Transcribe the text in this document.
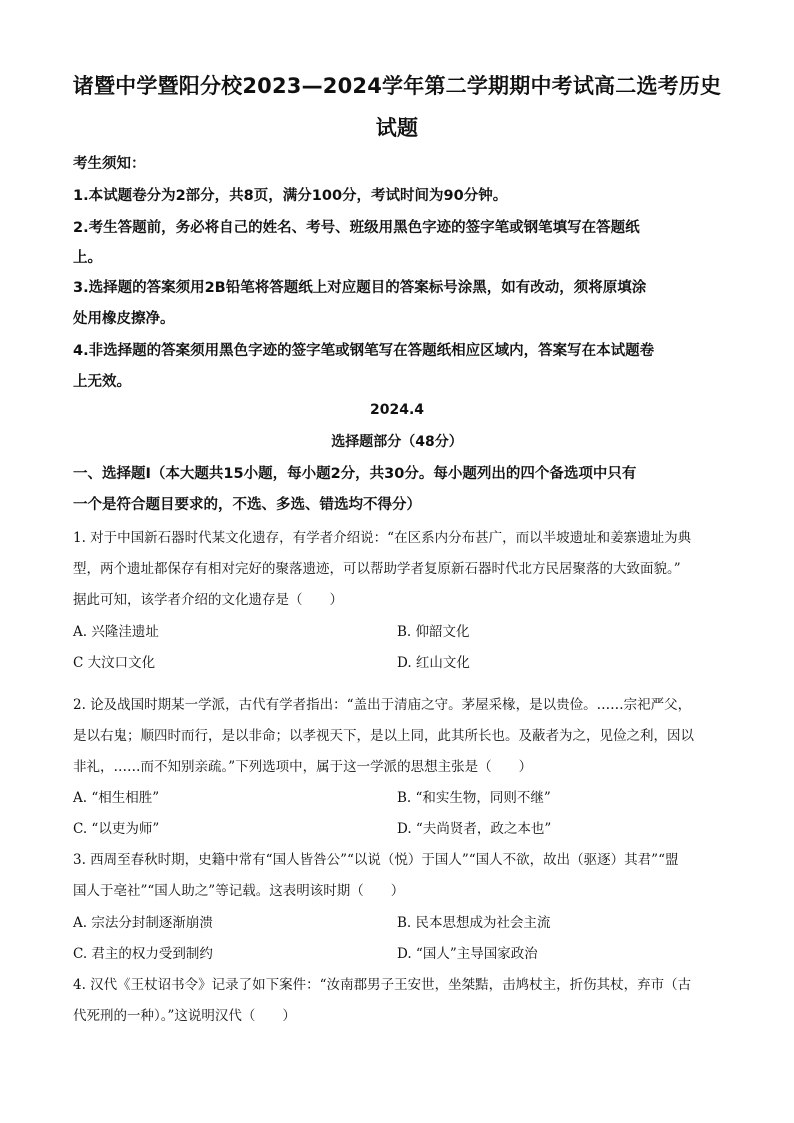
诸暨中学暨阳分校2023—2024学年第二学期期中考试高二选考历史
试题
考生须知：
1.本试题卷分为2部分，共8页，满分100分，考试时间为90分钟。
2.考生答题前，务必将自己的姓名、考号、班级用黑色字迹的签字笔或钢笔填写在答题纸
上。
3.选择题的答案须用2B铅笔将答题纸上对应题目的答案标号涂黑，如有改动，须将原填涂
处用橡皮擦净。
4.非选择题的答案须用黑色字迹的签字笔或钢笔写在答题纸相应区域内，答案写在本试题卷
上无效。
2024.4
选择题部分（48分）
一、选择题Ⅰ（本大题共15小题，每小题2分，共30分。每小题列出的四个备选项中只有
一个是符合题目要求的，不选、多选、错选均不得分）
1. 对于中国新石器时代某文化遗存，有学者介绍说：“在区系内分布甚广，而以半坡遗址和姜寨遗址为典
型，两个遗址都保存有相对完好的聚落遗迹，可以帮助学者复原新石器时代北方民居聚落的大致面貌。”
据此可知，该学者介绍的文化遗存是（　　）
A. 兴隆洼遗址	B. 仰韶文化
C 大汶口文化	D. 红山文化
2. 论及战国时期某一学派，古代有学者指出：“盖出于清庙之守。茅屋采椽，是以贵俭。……宗祀严父，
是以右鬼；顺四时而行，是以非命；以孝视天下，是以上同，此其所长也。及蔽者为之，见俭之利，因以
非礼，……而不知别亲疏。”下列选项中，属于这一学派的思想主张是（　　）
A. “相生相胜”	B. “和实生物，同则不继”
C. “以吏为师”	D. “夫尚贤者，政之本也”
3. 西周至春秋时期，史籍中常有“国人皆咎公”“以说（悦）于国人”“国人不欲，故出（驱逐）其君”“盟
国人于亳社”“国人助之”等记载。这表明该时期（　　）
A. 宗法分封制逐渐崩溃	B. 民本思想成为社会主流
C. 君主的权力受到制约	D. “国人”主导国家政治
4. 汉代《王杖诏书令》记录了如下案件：“汝南郡男子王安世，坐桀黠，击鸠杖主，折伤其杖，弃市（古
代死刑的一种）。”这说明汉代（　　）
